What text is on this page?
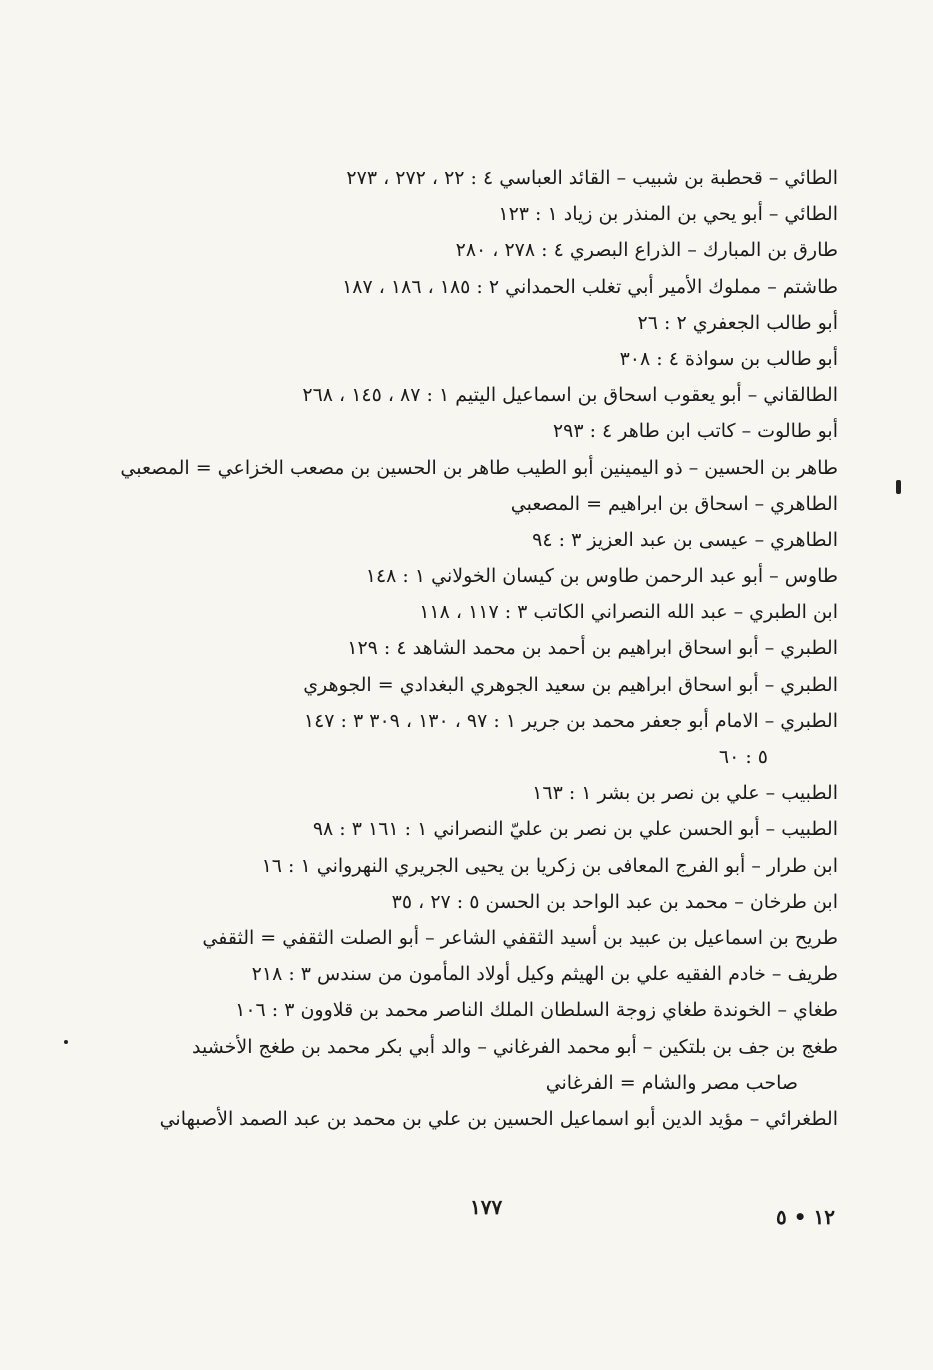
الطائي – قحطبة بن شبيب – القائد العباسي ٤ : ٢٢ ، ٢٧٢ ، ٢٧٣
الطائي – أبو يحي بن المنذر بن زياد ١ : ١٢٣
طارق بن المبارك – الذراع البصري ٤ : ٢٧٨ ، ٢٨٠
طاشتم – مملوك الأمير أبي تغلب الحمداني ٢ : ١٨٥ ، ١٨٦ ، ١٨٧
أبو طالب الجعفري ٢ : ٢٦
أبو طالب بن سواذة ٤ : ٣٠٨
الطالقاني – أبو يعقوب اسحاق بن اسماعيل اليتيم ١ : ٨٧ ، ١٤٥ ، ٢٦٨
أبو طالوت – كاتب ابن طاهر ٤ : ٢٩٣
طاهر بن الحسين – ذو اليمينين أبو الطيب طاهر بن الحسين بن مصعب الخزاعي = المصعبي
الطاهري – اسحاق بن ابراهيم = المصعبي
الطاهري – عيسى بن عبد العزيز ٣ : ٩٤
طاوس – أبو عبد الرحمن طاوس بن كيسان الخولاني ١ : ١٤٨
ابن الطبري – عبد الله النصراني الكاتب ٣ : ١١٧ ، ١١٨
الطبري – أبو اسحاق ابراهيم بن أحمد بن محمد الشاهد ٤ : ١٢٩
الطبري – أبو اسحاق ابراهيم بن سعيد الجوهري البغدادي = الجوهري
الطبري – الامام أبو جعفر محمد بن جرير ١ : ٩٧ ، ١٣٠ ، ٣٠٩ ٣ : ١٤٧
٥ : ٦٠
الطبيب – علي بن نصر بن بشر ١ : ١٦٣
الطبيب – أبو الحسن علي بن نصر بن عليّ النصراني ١ : ١٦١ ٣ : ٩٨
ابن طرار – أبو الفرج المعافى بن زكريا بن يحيى الجريري النهرواني ١ : ١٦
ابن طرخان – محمد بن عبد الواحد بن الحسن ٥ : ٢٧ ، ٣٥
طريح بن اسماعيل بن عبيد بن أسيد الثقفي الشاعر – أبو الصلت الثقفي = الثقفي
طريف – خادم الفقيه علي بن الهيثم وكيل أولاد المأمون من سندس ٣ : ٢١٨
طغاي – الخوندة طغاي زوجة السلطان الملك الناصر محمد بن قلاوون ٣ : ١٠٦
طغج بن جف بن بلتكين – أبو محمد الفرغاني – والد أبي بكر محمد بن طغج الأخشيد
صاحب مصر والشام = الفرغاني
الطغرائي – مؤيد الدين أبو اسماعيل الحسين بن علي بن محمد بن عبد الصمد الأصبهاني
١٧٧	١٢ • ٥
